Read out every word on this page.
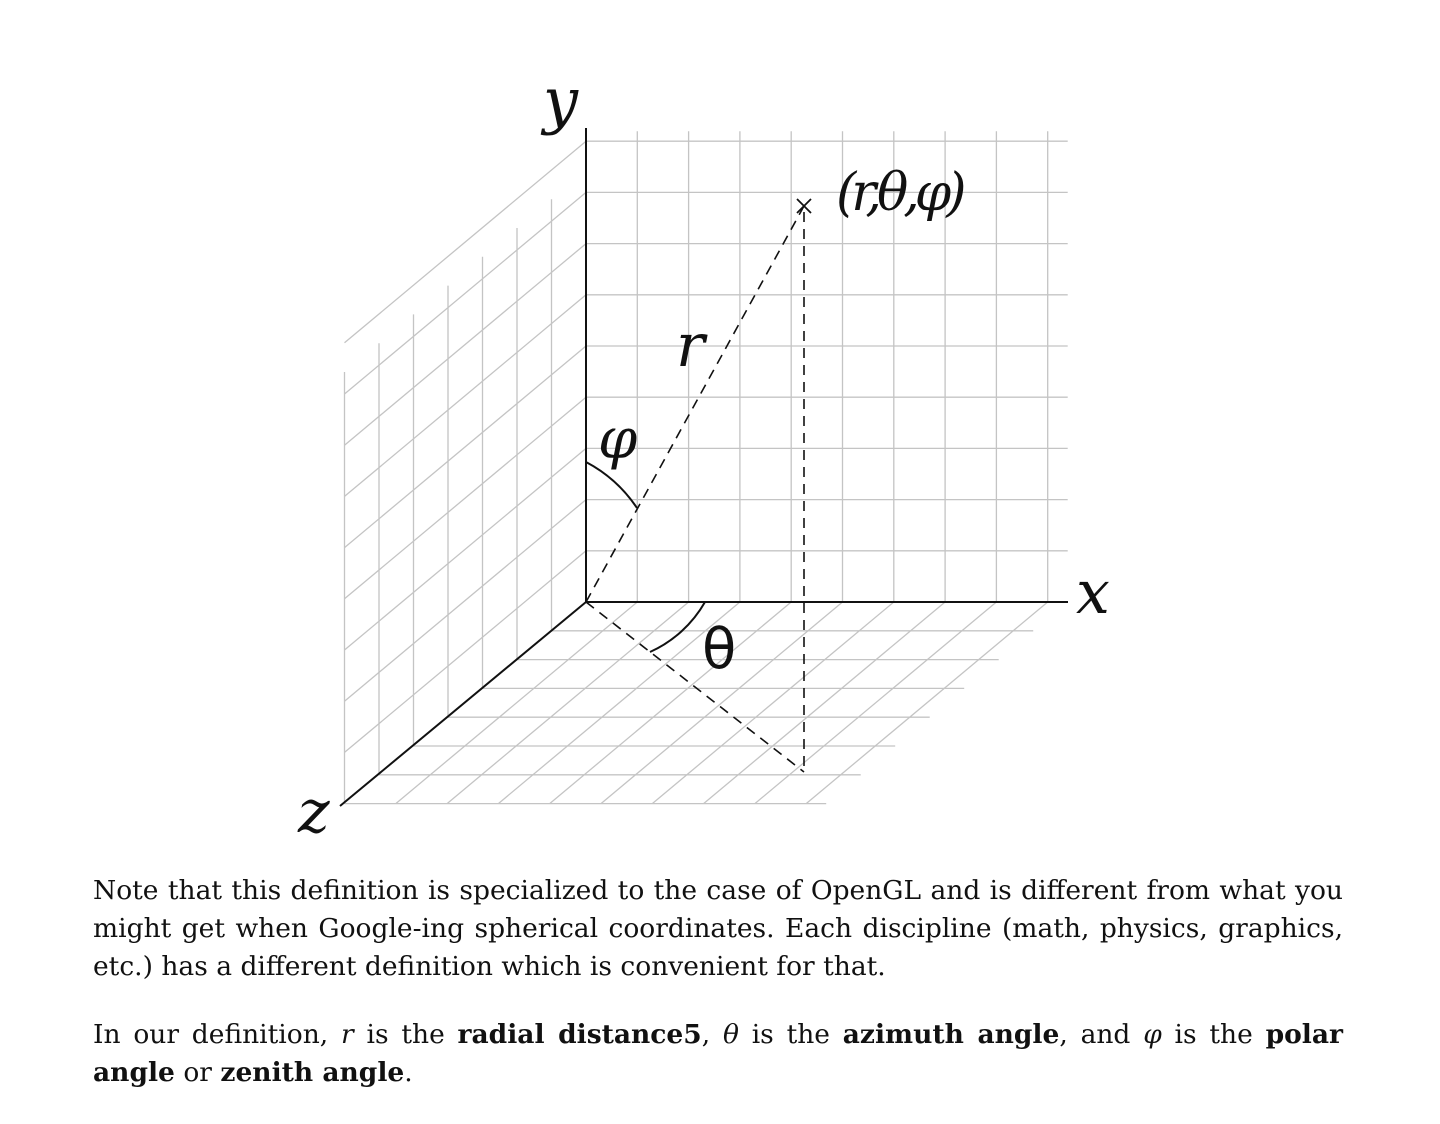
y
x
z
(r,θ,φ)
r
φ
θ

Note that this definition is specialized to the case of OpenGL and is different from what you might get when Google-ing spherical coordinates. Each discipline (math, physics, graphics, etc.) has a different definition which is convenient for that.

In our definition, r is the radial distance5, θ is the azimuth angle, and φ is the polar angle or zenith angle.
